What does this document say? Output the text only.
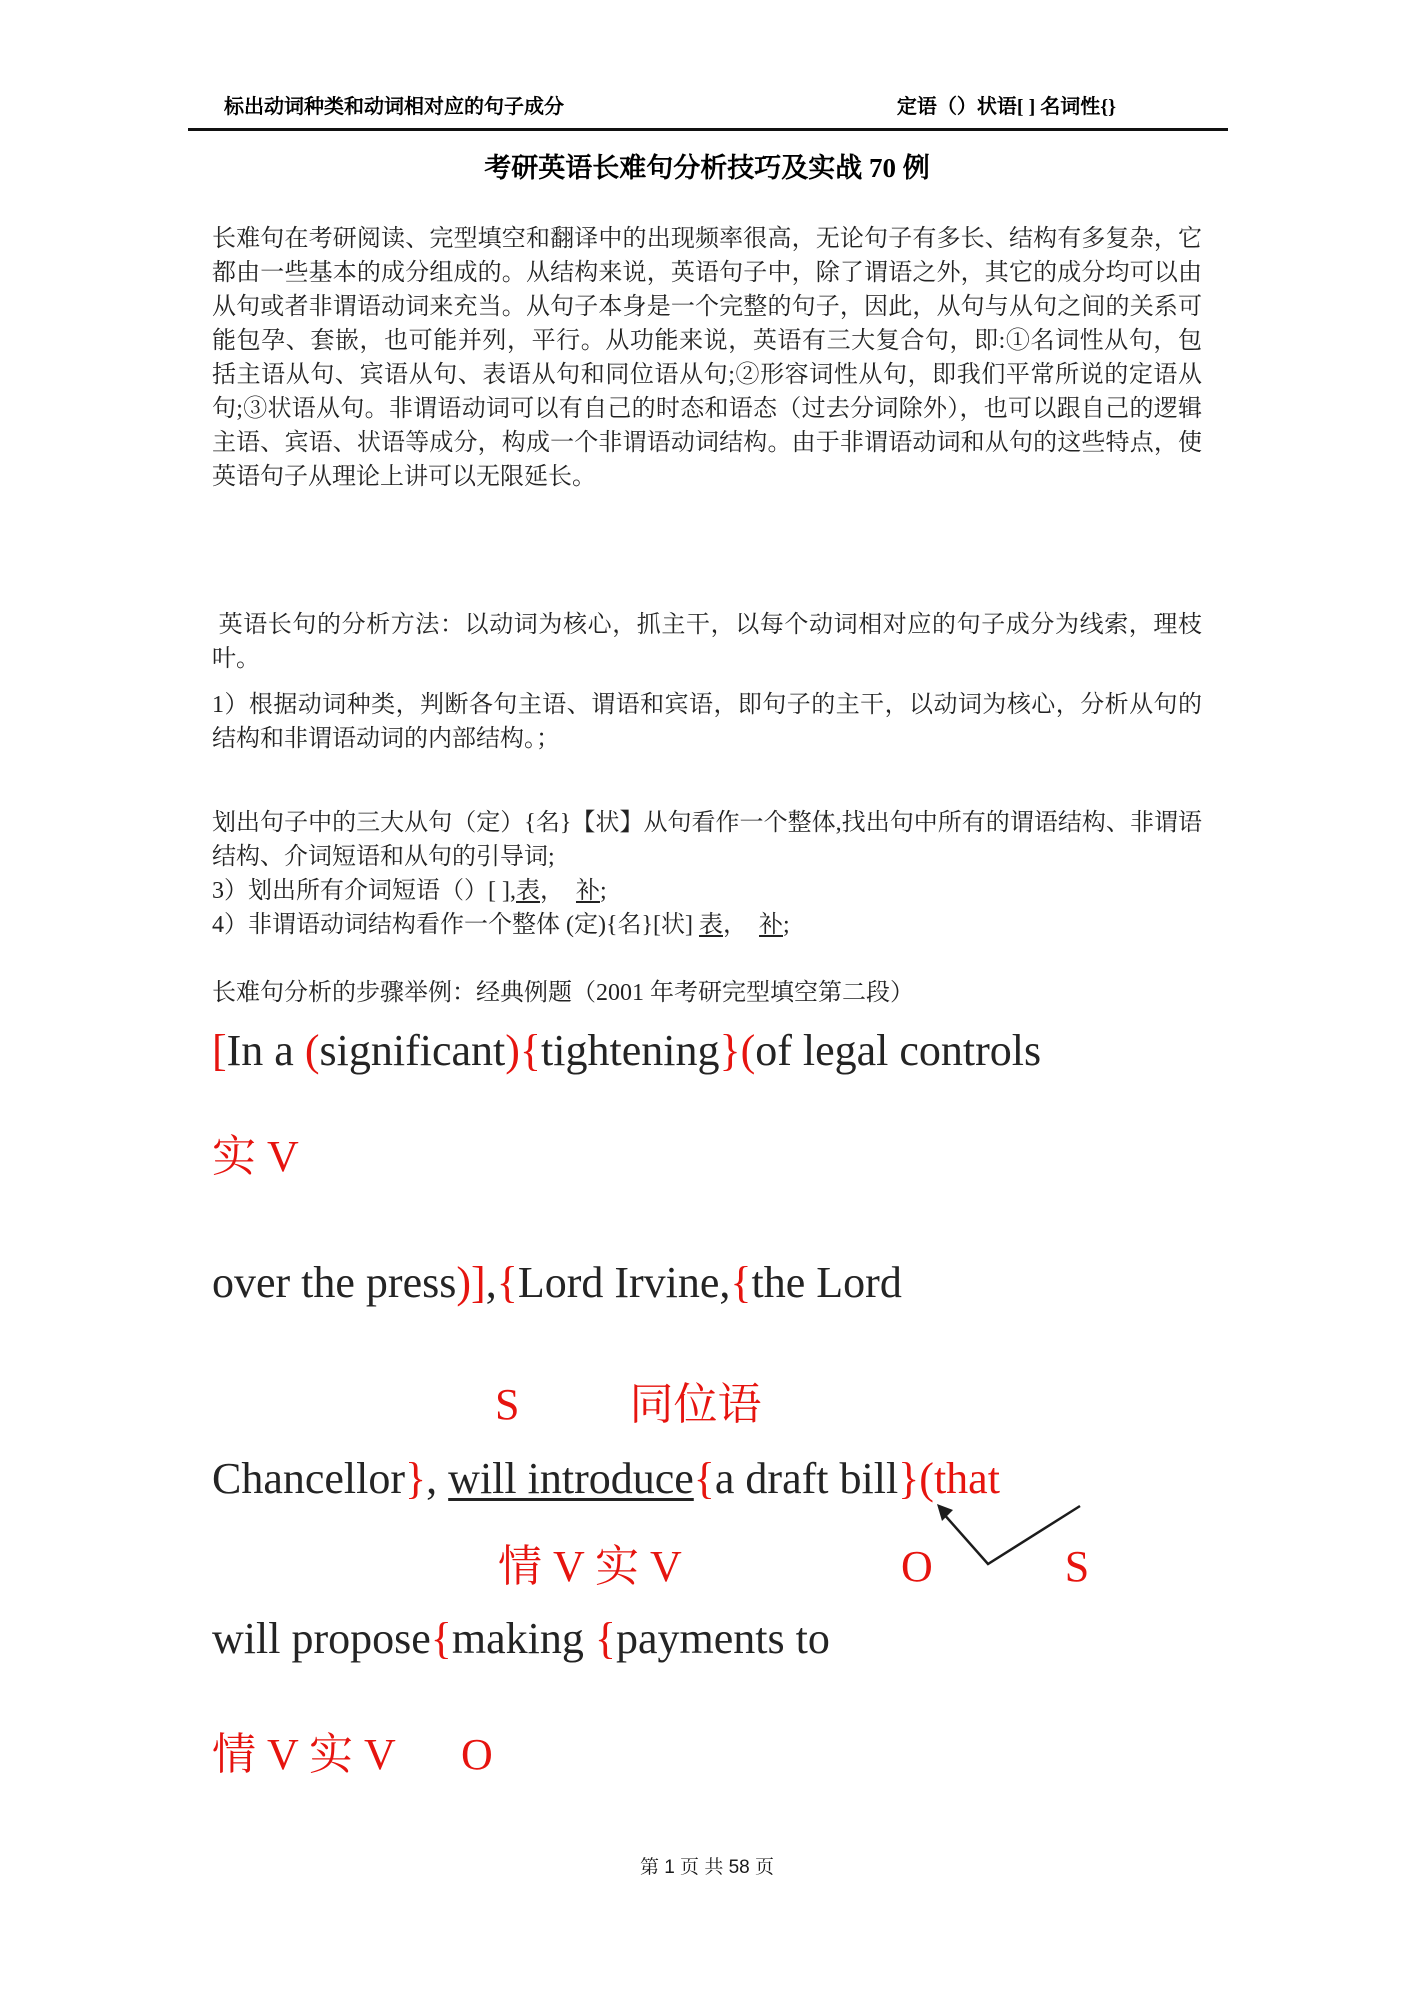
标出动词种类和动词相对应的句子成分	定语（）状语[ ] 名词性{}
考研英语长难句分析技巧及实战 70 例
长难句在考研阅读、完型填空和翻译中的出现频率很高，无论句子有多长、结构有多复杂，它都由一些基本的成分组成的。从结构来说，英语句子中，除了谓语之外，其它的成分均可以由从句或者非谓语动词来充当。从句子本身是一个完整的句子，因此，从句与从句之间的关系可能包孕、套嵌，也可能并列，平行。从功能来说，英语有三大复合句，即:①名词性从句，包括主语从句、宾语从句、表语从句和同位语从句;②形容词性从句，即我们平常所说的定语从句;③状语从句。非谓语动词可以有自己的时态和语态（过去分词除外），也可以跟自己的逻辑主语、宾语、状语等成分，构成一个非谓语动词结构。由于非谓语动词和从句的这些特点，使英语句子从理论上讲可以无限延长。
英语长句的分析方法：以动词为核心，抓主干，以每个动词相对应的句子成分为线索，理枝叶。
1）根据动词种类，判断各句主语、谓语和宾语，即句子的主干，以动词为核心，分析从句的结构和非谓语动词的内部结构。；
划出句子中的三大从句（定）{名}【状】从句看作一个整体,找出句中所有的谓语结构、非谓语结构、介词短语和从句的引导词;
3）划出所有介词短语（）[ ],表，  补;
4）非谓语动词结构看作一个整体 (定){名}[状] 表，  补;
长难句分析的步骤举例：经典例题（2001 年考研完型填空第二段）
[In a (significant){tightening}(of legal controls
实 V
over the press)],{Lord Irvine,{the Lord
S          同位语
Chancellor}, will introduce{a draft bill}(that
情 V 实 V	O	S
will propose{making {payments to
情 V 实 V O
第 1 页 共 58 页
